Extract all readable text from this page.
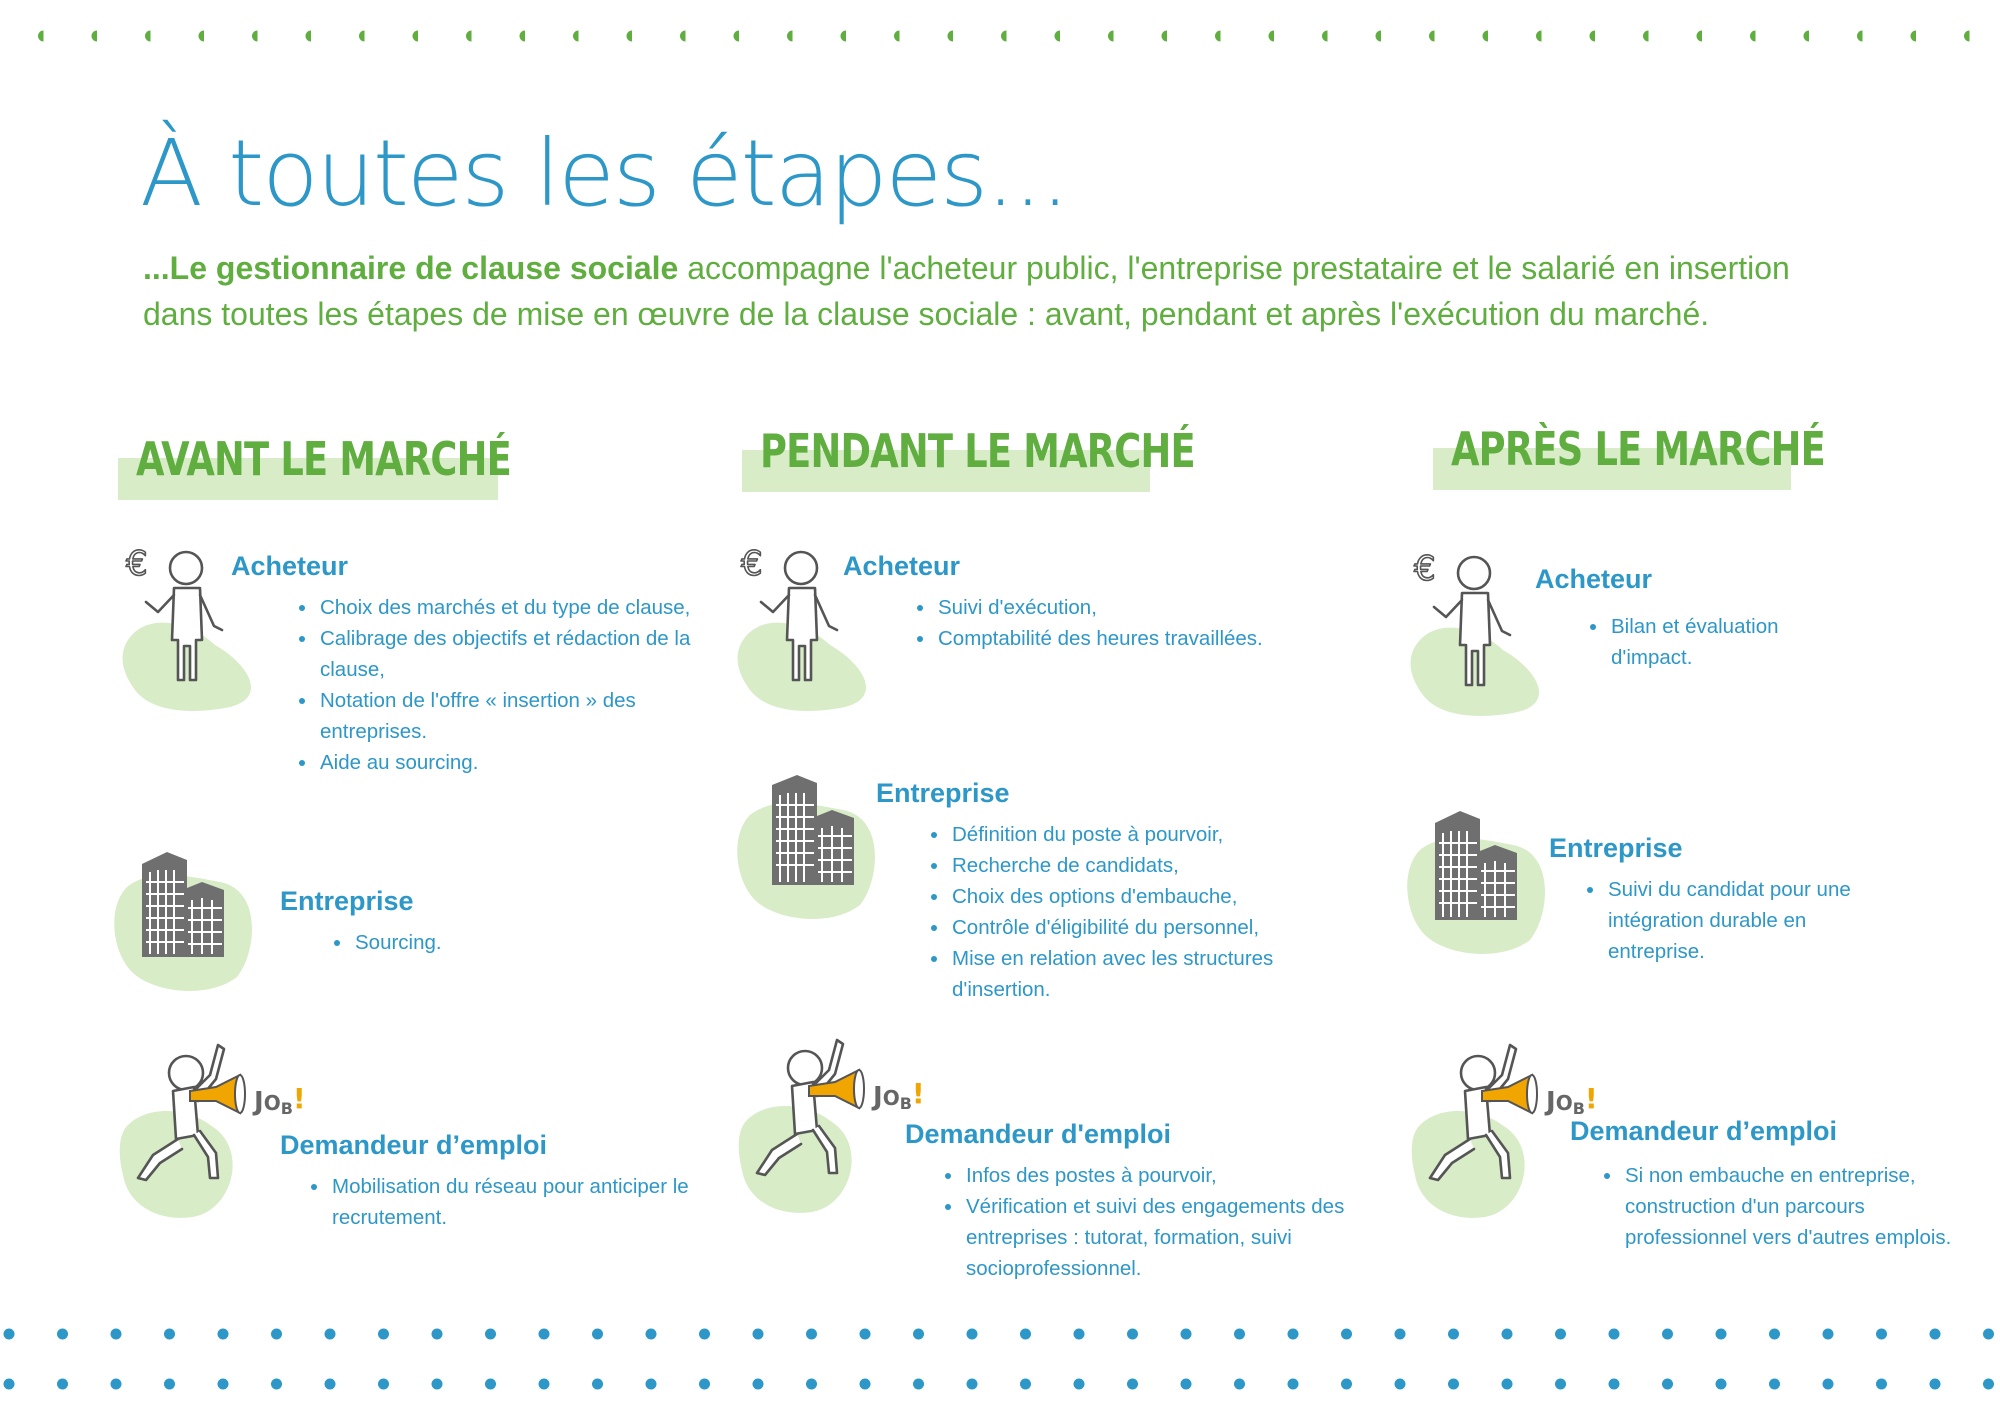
À toutes les étapes...

...Le gestionnaire de clause sociale accompagne l'acheteur public, l'entreprise prestataire et le salarié en insertion dans toutes les étapes de mise en œuvre de la clause sociale : avant, pendant et après l'exécution du marché.

AVANT LE MARCHÉ
€	Acheteur
• Choix des marchés et du type de clause,
• Calibrage des objectifs et rédaction de la clause,
• Notation de l'offre « insertion » des entreprises.
• Aide au sourcing.
Entreprise
• Sourcing.
JOB!
Demandeur d’emploi
• Mobilisation du réseau pour anticiper le recrutement.
PENDANT LE MARCHÉ
€	Acheteur
• Suivi d'exécution,
• Comptabilité des heures travaillées.
Entreprise
• Définition du poste à pourvoir,
• Recherche de candidats,
• Choix des options d'embauche,
• Contrôle d'éligibilité du personnel,
• Mise en relation avec les structures d'insertion.
JOB!
Demandeur d'emploi
• Infos des postes à pourvoir,
• Vérification et suivi des engagements des entreprises : tutorat, formation, suivi socioprofessionnel.
APRÈS LE MARCHÉ
€	Acheteur
• Bilan et évaluation d'impact.
Entreprise
• Suivi du candidat pour une intégration durable en entreprise.
JOB!
Demandeur d’emploi
• Si non embauche en entreprise, construction d'un parcours professionnel vers d'autres emplois.
